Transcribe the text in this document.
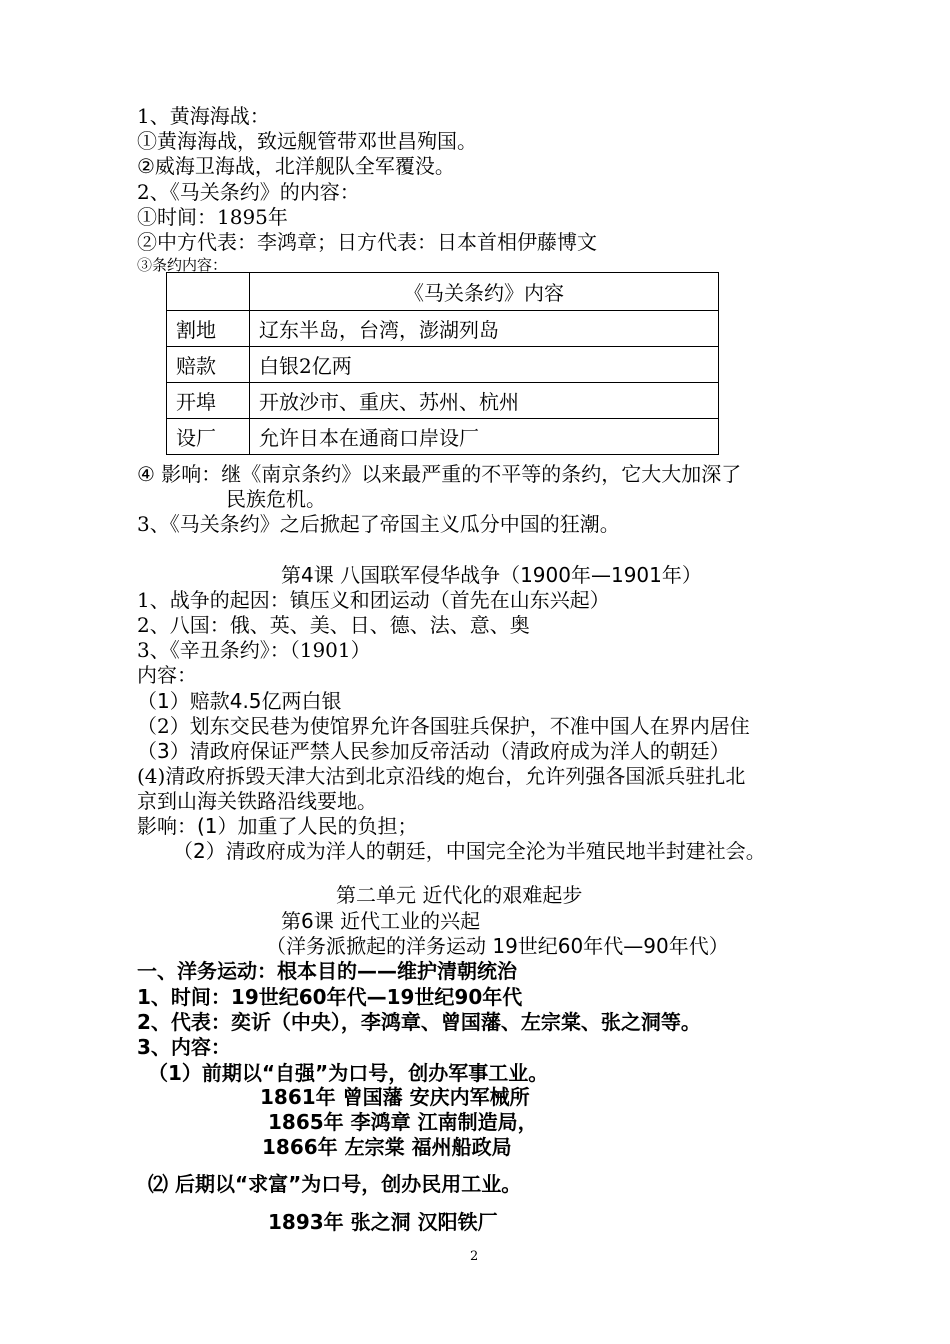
1、黄海海战：
①黄海海战，致远舰管带邓世昌殉国。
②威海卫海战，北洋舰队全军覆没。
2、《马关条约》的内容：
①时间：1895年
②中方代表：李鸿章；日方代表：日本首相伊藤博文
③条约内容：
	《马关条约》内容
割地	辽东半岛，台湾，澎湖列岛
赔款	白银2亿两
开埠	开放沙市、重庆、苏州、杭州
设厂	允许日本在通商口岸设厂
④ 影响：继《南京条约》以来最严重的不平等的条约，它大大加深了
民族危机。
3、《马关条约》之后掀起了帝国主义瓜分中国的狂潮。
第4课 八国联军侵华战争（1900年—1901年）
1、战争的起因：镇压义和团运动（首先在山东兴起）
2、八国：俄、英、美、日、德、法、意、奥
3、《辛丑条约》：（1901）
内容：
（1）赔款4.5亿两白银
（2）划东交民巷为使馆界允许各国驻兵保护，不准中国人在界内居住
（3）清政府保证严禁人民参加反帝活动（清政府成为洋人的朝廷）
(4)清政府拆毁天津大沽到北京沿线的炮台，允许列强各国派兵驻扎北
京到山海关铁路沿线要地。
影响：(1）加重了人民的负担；
（2）清政府成为洋人的朝廷，中国完全沦为半殖民地半封建社会。
第二单元 近代化的艰难起步
第6课 近代工业的兴起
（洋务派掀起的洋务运动 19世纪60年代—90年代）
一、洋务运动：根本目的——维护清朝统治
1、时间：19世纪60年代—19世纪90年代
2、代表：奕䜣（中央），李鸿章、曾国藩、左宗棠、张之洞等。
3、内容：
（1）前期以“自强”为口号，创办军事工业。
1861年 曾国藩 安庆内军械所
1865年 李鸿章 江南制造局，
1866年 左宗棠 福州船政局
⑵ 后期以“求富”为口号，创办民用工业。
1893年 张之洞 汉阳铁厂
2
